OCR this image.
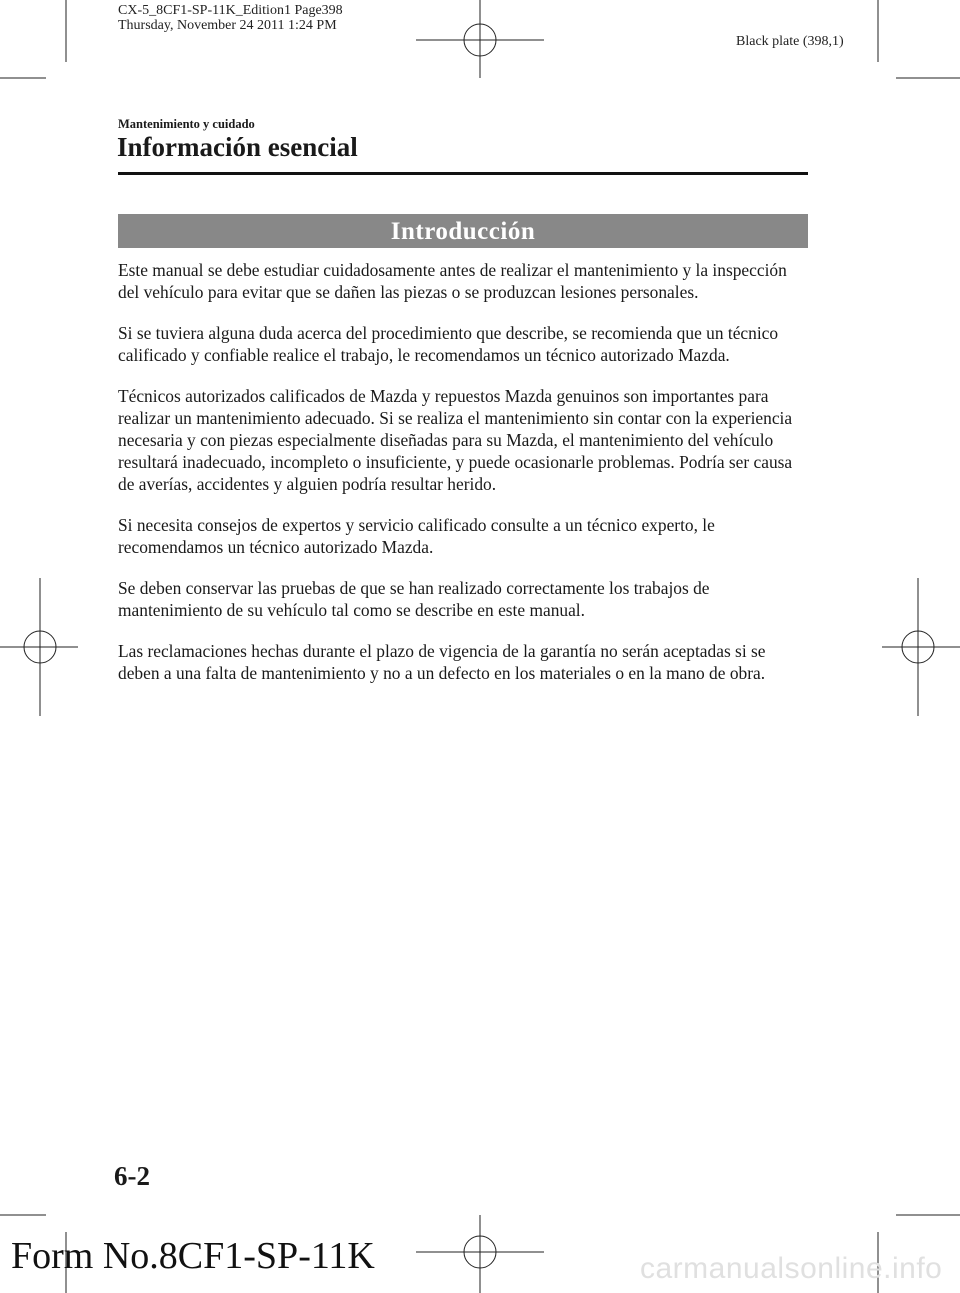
CX-5_8CF1-SP-11K_Edition1 Page398
Thursday, November 24 2011 1:24 PM
Black plate (398,1)
Mantenimiento y cuidado
Información esencial
Introducción

Este manual se debe estudiar cuidadosamente antes de realizar el mantenimiento y la inspección del vehículo para evitar que se dañen las piezas o se produzcan lesiones personales.

Si se tuviera alguna duda acerca del procedimiento que describe, se recomienda que un técnico calificado y confiable realice el trabajo, le recomendamos un técnico autorizado Mazda.

Técnicos autorizados calificados de Mazda y repuestos Mazda genuinos son importantes para realizar un mantenimiento adecuado. Si se realiza el mantenimiento sin contar con la experiencia necesaria y con piezas especialmente diseñadas para su Mazda, el mantenimiento del vehículo resultará inadecuado, incompleto o insuficiente, y puede ocasionarle problemas. Podría ser causa de averías, accidentes y alguien podría resultar herido.

Si necesita consejos de expertos y servicio calificado consulte a un técnico experto, le recomendamos un técnico autorizado Mazda.

Se deben conservar las pruebas de que se han realizado correctamente los trabajos de mantenimiento de su vehículo tal como se describe en este manual.

Las reclamaciones hechas durante el plazo de vigencia de la garantía no serán aceptadas si se deben a una falta de mantenimiento y no a un defecto en los materiales o en la mano de obra.

6-2
Form No.8CF1-SP-11K	carmanualsonline.info
